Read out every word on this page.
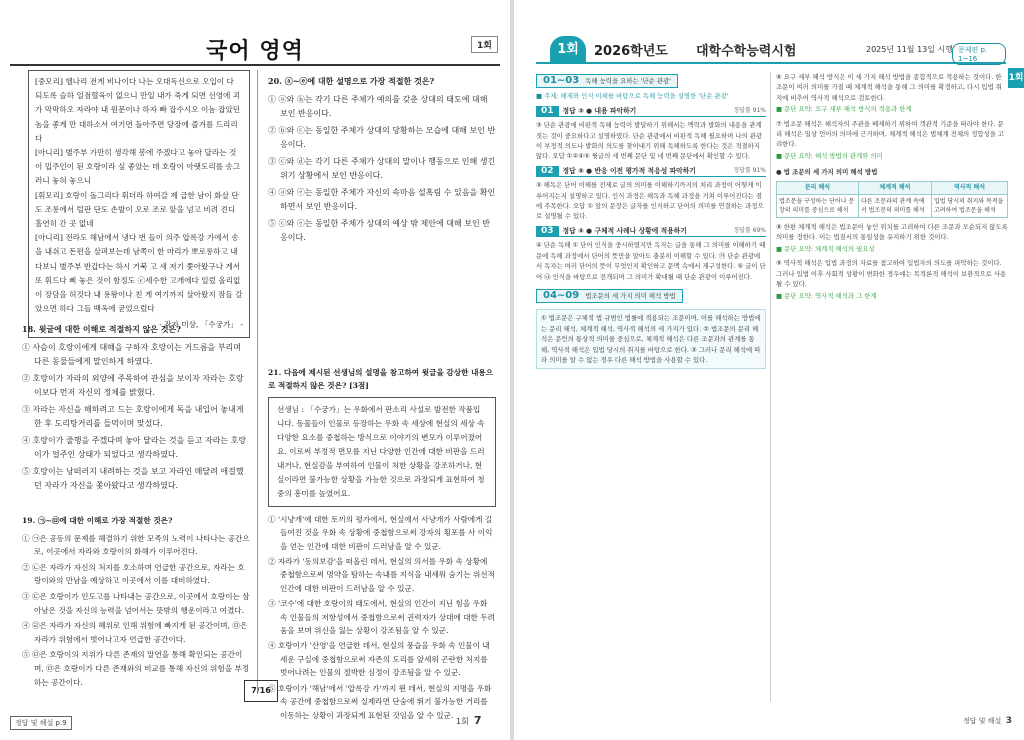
국어 영역	1회

[중모리] 헬나리 전게 비나이다 나는 오대독신으로 오입이 다 되도록 슬하 일점혈육이 없으니 만일 내가 죽게 되면 선영에 괴가 막막하오 자라야 내 원문이나 하자 빠 잡수시오 이놈 잡았던 놈을 좋게 만 대하소서 여기면 돌아주면 당장에 즐겨를 드리리다

[아니리] 별주부 가만히 생각해 봉에 주겠다고 놓아 달라는 것이 밉주인이 된 호랑이라 싶 좋았는 데 호랑이 아랫도리를 송그러니 놓혀 놓으니

[휘모리] 호랑이 돌그리다 휘더라 하여갈 제 급한 남이 화살 단도 조롱에서 털판 단도 손발이 오로 조로 앞을 넘고 비려 견디 홀연히 간 곳 없네

[아니리] 전라도 해남에서 냉다 번 들이 의주 압록강 가에서 송을 내쉬고 돈편을 살펴보는데 남쪽이 한 마리가 뽀로롱하고 내다보니 별주부 반갑다는 하시 거북 고 새 저기 쫓아왔구나 게서 또 휘드다 삐 놓은 것이 함정도 ⓔ세수한 고개에다 일렀 올리없이 장담을 허것다 내 용왕이나 친 게 여기까지 살아왔지 잠들 갈았으면 하다 그들 백옥에 굳었으렀다

- 작자 미상, 「수궁가」 -
18. 윗글에 대한 이해로 적절하지 않은 것은?
① 사슴이 호랑이에게 대해을 구하자 호랑이는 거드름을 부리며 다른 동물들에게 말인하게 하였다.
② 호랑이가 자라의 외양에 주목하여 관심을 보이자 자라는 호랑이보다 먼저 자신의 정체를 밝혔다.
③ 자라는 자신을 해하려고 드는 호랑이에게 독을 내입어 놓내게 한 후 도리탕거리를 들먹이며 맞섰다.
④ 호랑이가 줄행을 주겠다며 놓아 달라는 것을 듣고 자라는 호랑이가 얼주인 상태가 되었다고 생각하였다.
⑤ 호랑이는 낭떠러지 내려하는 것을 보고 자라인 매달려 애걸했던 자라가 자신을 쫓아왔다고 생각하였다.
19. ㉠~㉤에 대한 이해로 가장 적절한 것은?
① ㉠은 공동의 문제를 해결하기 위한 모족의 노력이 나타나는 공간으로, 이곳에서 자라와 호랑이의 화해가 이루어진다.
② ㉡은 자라가 자신의 처지를 호소하며 언급한 공간으로, 자라는 호랑이와의 만남을 예상하고 이곳에서 이를 대비하였다.
③ ㉢은 호랑이가 인도고를 나타내는 공간으로, 이곳에서 호랑이는 삼아남은 것을 자신의 능력을 넘어서는 뜻밖의 행운이라고 여겼다.
④ ㉣은 자라가 자신의 혜위로 인해 위험에 빠지게 된 공간이며, ㉤은 자라가 위험에서 벗어나고자 언급한 공간이다.
⑤ ㉤은 호랑이의 지위가 다른 존재의 말연을 통해 확인되는 공간이며, ㉤은 호랑이가 다른 존재와의 비교를 통해 자신의 위험을 부정하는 공간이다.
20. ⓐ~ⓔ에 대한 설명으로 가장 적절한 것은?
① ⓐ와 ⓑ는 각기 다른 주체가 예의를 갖춘 상대의 태도에 대해 보인 반응이다.
② ⓑ와 ⓒ는 동일한 주체가 상대의 당황하는 모습에 대해 보인 반응이다.
③ ⓒ와 ⓓ는 각기 다른 주체가 상대의 말이나 행동으로 인해 생긴 위기 상황에서 보인 반응이다.
④ ⓐ와 ⓔ는 동일한 주체가 자신의 속마음 설혹림 수 있음을 확인하면서 보인 반응이다.
⑤ ⓒ와 ⓔ는 동일한 주체가 상대의 예상 밖 제안에 대해 보인 반응이다.
21. 다음에 제시된 선생님의 설명을 참고하여 윗글을 감상한 내용으로 적절하지 않은 것은? [3점]
선생님 : 「수궁가」는 우화에서 판소리 사설로 발전한 작품입니다. 동물들이 인물로 등장하는 우화 속 세상에 현실의 세상 속 다양한 요소를 중첩하는 방식으로 이야기의 변모가 이루어졌어요. 이로써 부정적 면모를 지닌 다양한 인간에 대한 비판을 드러내거나, 현실감을 부여하여 인물이 처한 상황을 강조하거나, 현실이라면 불가능한 상황을 가능한 것으로 과장되게 표현하여 청중의 흥미를 높였어요.
① '시냥개'에 대한 토끼의 평가에서, 현실에서 사냥개가 사람에게 길들여진 것을 우화 속 상황에 중첩함으로써 강자의 횡포를 사 이익을 얻는 인간에 대한 비판이 드러남을 알 수 있군.
② 자라가 '동의보감'을 떠올린 데서, 현실의 의서를 우화 속 상황에 중첩함으로써 명약을 탐하는 속내를 지식을 내세워 숨기는 위선적 인간에 대한 비판이 드러남을 알 수 있군.
③ '코수'에 대한 호랑이의 태도에서, 현실의 인간이 지닌 힘을 우화 속 인물들의 저항성에서 중첩함으로써 권력자가 상대에 대한 두려움을 보며 위신을 잃는 상황이 강조됨을 알 수 있군.
④ 호랑이가 '산영'을 언급한 데서, 현실의 풍습을 우화 속 인물이 내세운 구실에 중첩함으로써 자존의 도리를 앞세워 곤란한 처지를 벗어나려는 인물의 절박한 심정이 강조됨을 알 수 있군.
⑤ 호랑이가 '해남'에서 '압록강 가'까지 뛴 데서, 현실의 지명을 우화 속 공간에 중첩함으로써 실제라면 단숨에 뛰기 불가능한 거리를 이동하는 상황이 과장되게 표현된 것임을 알 수 있군.
7/16
정답 및 해설 p.9	1회 7
1회	2026학년도 대학수학능력시험	2025년 11월 13일 시행 문제편 p. 1~16
1회
01~03 독해 능력을 요하는 '단순 관광'
■ 주제: 해제와 인식 이해를 바탕으로 독해 능력을 설명한 '단순 관광'
01	정답 ③ ● 내용 파악하기	정답률 91%
③ 단순 관광에 비판적 독해 능력이 발달하기 위해서는 맥락과 발화의 내용을 관계 짓는 것이 중요하다고 설명하였다. 단순 관광에서 비판적 독해 필요하며 나의 관광이 부정적 의도나 발화의 의도를 찾아내기 위해 독해하도록 한다는 것은 적절하지 않다. 오답 ①②④⑤ 윗글의 세 번째 문단 및 네 번째 문단에서 확인할 수 있다.
02	정답 ⑤ ● 반응 이전 평가적 적응성 파악하기	정답률 91%
⑤ 해독은 단어 이해를 전제로 글의 의미를 이해하기까지의 처리 과정이 어떻게 이루어지는지 설명하고 있다. 인식 과정은 해독과 독해 과정을 거쳐 이루어진다는 점에 주목한다. 오답 ① 앞의 문장은 글자를 인식하고 단어의 의미를 연결하는 과정으로 설명될 수 있다.
03	정답 ④ ● 구체적 사례나 상황에 적용하기	정답률 69%
④ 단순 독해 ① 단어 인식을 중시하였지만 독자는 글을 통해 그 의미를 이해하기 때문에 독해 과정에서 단어의 뜻만을 알아도 충분히 이해할 수 있다. ㉮ 단순 관광에서 독자는 여러 단어의 뜻이 무엇인지 확인하고 문맥 속에서 재구성한다. ⑤ 글이 단어 ㉯ 인식을 바탕으로 전개되며 그 의미가 확대될 때 단순 관광이 이루어진다.
04~09 법조문의 세 가지 의미 해석 방법
① 법조문은 구체적 법 규범인 법률에 적용되는 조문이며, 이를 해석하는 방법에는 문리 해석, 체계적 해석, 역사적 해석의 세 가지가 있다. ② 법조문의 문리 해석은 문언의 통상적 의미를 중심으로, 체계적 해석은 다른 조문과의 관계를 통해, 역사적 해석은 입법 당시의 취지를 바탕으로 한다. ③ 그러나 문리 해석에 따라 의미를 알 수 없는 경우 다른 해석 방법을 사용할 수 있다.
⑥ 요구 세부 해석 방식은 이 세 가지 해석 방법을 종합적으로 적용하는 것이다. 한 조문이 여러 의미를 가질 때 체계적 해석을 통해 그 의미를 확정하고, 다시 입법 취지에 비추어 역사적 해석으로 검토한다.
■ 문단 요약: 요구 세부 해석 방식의 적용과 한계
⑦ 법조문 해석은 해석자의 주관을 배제하기 위하여 객관적 기준을 따라야 한다. 문리 해석은 일상 언어의 의미에 근거하며, 체계적 해석은 법체계 전체의 정합성을 고려한다.
■ 문단 요약: 해석 방법의 관계와 의미
● 법 조문의 세 가지 의미 해석 방법
문리 해석	체계적 해석	역사적 해석
법조문을 구성하는 단어나 문장의 의미를 중심으로 해석	다른 조문과의 관계 속에서 법조문의 의미를 해석	입법 당시의 취지와 목적을 고려하여 법조문을 해석
⑧ 한편 체계적 해석은 법조문이 놓인 위치를 고려하여 다른 조문과 모순되지 않도록 의미를 정한다. 이는 법질서의 통일성을 유지하기 위한 것이다.
■ 문단 요약: 체계적 해석의 필요성
⑨ 역사적 해석은 입법 과정의 자료를 참고하여 입법자의 의도를 파악하는 것이다. 그러나 입법 이후 사회적 상황이 변화한 경우에는 목적론적 해석이 보완적으로 사용될 수 있다.
■ 문단 요약: 역사적 해석과 그 한계
정답 및 해설 3
